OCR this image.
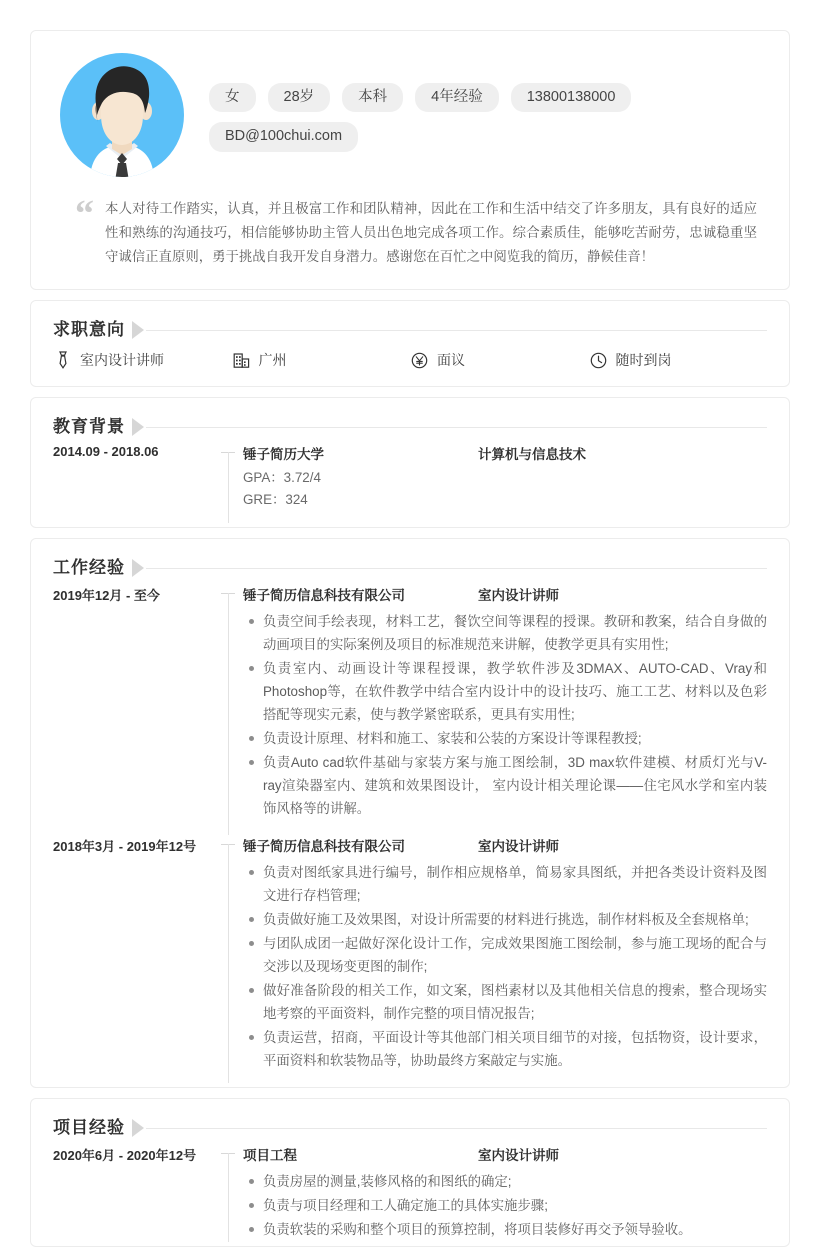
女	28岁	本科	4年经验	13800138000
BD@100chui.com
“ 本人对待工作踏实，认真，并且极富工作和团队精神，因此在工作和生活中结交了许多朋友，具有良好的适应性和熟练的沟通技巧，相信能够协助主管人员出色地完成各项工作。综合素质佳，能够吃苦耐劳，忠诚稳重坚守诚信正直原则，勇于挑战自我开发自身潜力。感谢您在百忙之中阅览我的简历，静候佳音！
求职意向
室内设计讲师	广州	面议	随时到岗
教育背景
2014.09 - 2018.06	锤子简历大学	计算机与信息技术
GPA：3.72/4
GRE：324
工作经验
2019年12月 - 至今	锤子简历信息科技有限公司	室内设计讲师
负责空间手绘表现，材料工艺，餐饮空间等课程的授课。教研和教案，结合自身做的动画项目的实际案例及项目的标准规范来讲解，使教学更具有实用性;
负责室内、动画设计等课程授课，教学软件涉及3DMAX、AUTO-CAD、Vray和Photoshop等，在软件教学中结合室内设计中的设计技巧、施工工艺、材料以及色彩搭配等现实元素，使与教学紧密联系，更具有实用性;
负责设计原理、材料和施工、家装和公装的方案设计等课程教授;
负责Auto cad软件基础与家装方案与施工图绘制，3D max软件建模、材质灯光与V-ray渲染器室内、建筑和效果图设计， 室内设计相关理论课——住宅风水学和室内装饰风格等的讲解。
2018年3月 - 2019年12号	锤子简历信息科技有限公司	室内设计讲师
负责对图纸家具进行编号，制作相应规格单，简易家具图纸，并把各类设计资料及图文进行存档管理;
负责做好施工及效果图，对设计所需要的材料进行挑选，制作材料板及全套规格单;
与团队成团一起做好深化设计工作，完成效果图施工图绘制，参与施工现场的配合与交涉以及现场变更图的制作;
做好准备阶段的相关工作，如文案，图档素材以及其他相关信息的搜索，整合现场实地考察的平面资料，制作完整的项目情况报告;
负责运营，招商，平面设计等其他部门相关项目细节的对接，包括物资，设计要求，平面资料和软装物品等，协助最终方案敲定与实施。
项目经验
2020年6月 - 2020年12号	项目工程	室内设计讲师
负责房屋的测量,装修风格的和图纸的确定;
负责与项目经理和工人确定施工的具体实施步骤;
负责软装的采购和整个项目的预算控制，将项目装修好再交予领导验收。
